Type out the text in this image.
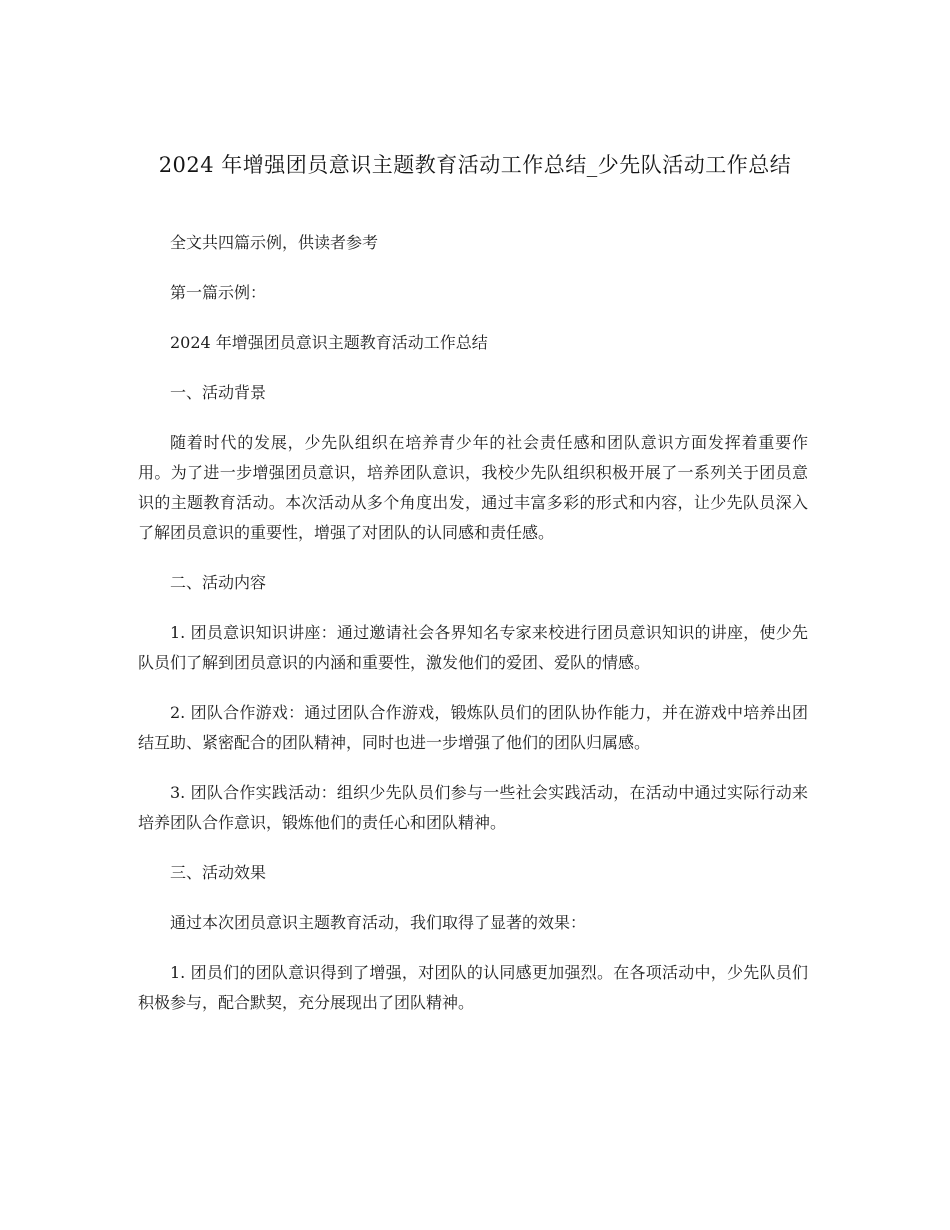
2024 年增强团员意识主题教育活动工作总结_少先队活动工作总结

全文共四篇示例，供读者参考

第一篇示例：

2024 年增强团员意识主题教育活动工作总结

一、活动背景

随着时代的发展，少先队组织在培养青少年的社会责任感和团队意识方面发挥着重要作用。为了进一步增强团员意识，培养团队意识，我校少先队组织积极开展了一系列关于团员意识的主题教育活动。本次活动从多个角度出发，通过丰富多彩的形式和内容，让少先队员深入了解团员意识的重要性，增强了对团队的认同感和责任感。

二、活动内容

1. 团员意识知识讲座：通过邀请社会各界知名专家来校进行团员意识知识的讲座，使少先队员们了解到团员意识的内涵和重要性，激发他们的爱团、爱队的情感。

2. 团队合作游戏：通过团队合作游戏，锻炼队员们的团队协作能力，并在游戏中培养出团结互助、紧密配合的团队精神，同时也进一步增强了他们的团队归属感。

3. 团队合作实践活动：组织少先队员们参与一些社会实践活动，在活动中通过实际行动来培养团队合作意识，锻炼他们的责任心和团队精神。

三、活动效果

通过本次团员意识主题教育活动，我们取得了显著的效果：

1. 团员们的团队意识得到了增强，对团队的认同感更加强烈。在各项活动中，少先队员们积极参与，配合默契，充分展现出了团队精神。
